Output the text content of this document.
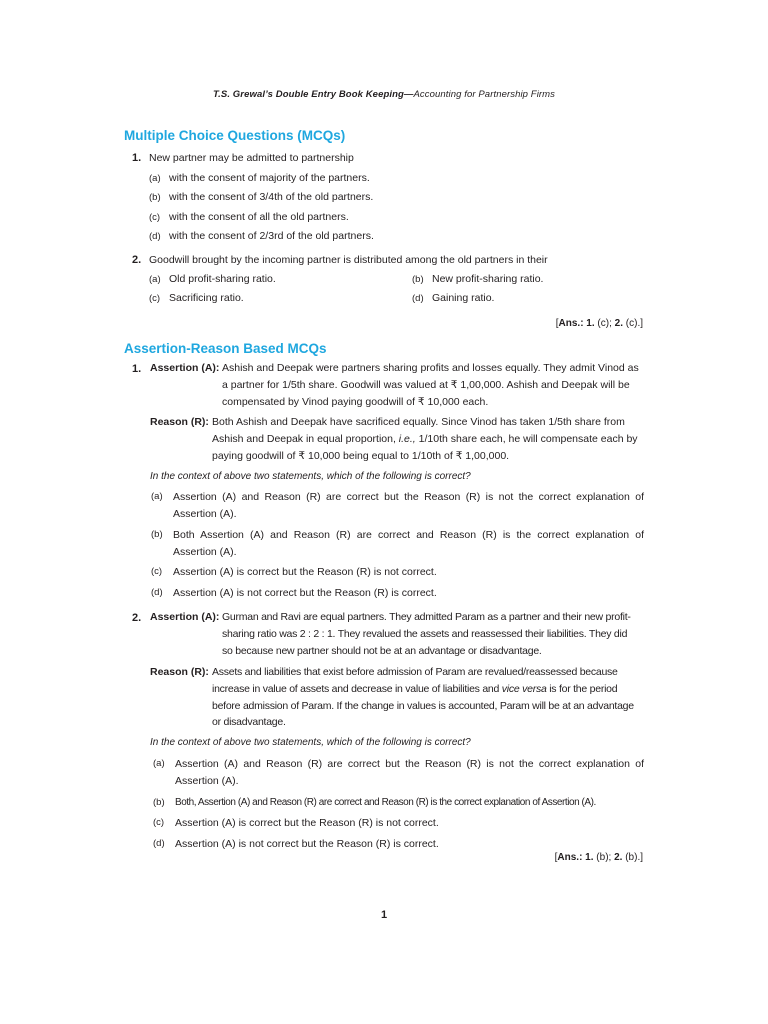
T.S. Grewal’s Double Entry Book Keeping—Accounting for Partnership Firms
Multiple Choice Questions (MCQs)
1. New partner may be admitted to partnership
(a) with the consent of majority of the partners.
(b) with the consent of 3/4th of the old partners.
(c) with the consent of all the old partners.
(d) with the consent of 2/3rd of the old partners.
2. Goodwill brought by the incoming partner is distributed among the old partners in their
(a) Old profit-sharing ratio.	(b) New profit-sharing ratio.
(c) Sacrificing ratio.	(d) Gaining ratio.
[Ans.: 1. (c); 2. (c).]
Assertion-Reason Based MCQs
1. Assertion (A): Ashish and Deepak were partners sharing profits and losses equally. They admit Vinod as
a partner for 1/5th share. Goodwill was valued at ₹ 1,00,000. Ashish and Deepak will be
compensated by Vinod paying goodwill of ₹ 10,000 each.
Reason (R): Both Ashish and Deepak have sacrificed equally. Since Vinod has taken 1/5th share from
Ashish and Deepak in equal proportion, i.e., 1/10th share each, he will compensate each by
paying goodwill of ₹ 10,000 being equal to 1/10th of ₹ 1,00,000.
In the context of above two statements, which of the following is correct?
(a) Assertion (A) and Reason (R) are correct but the Reason (R) is not the correct explanation of
Assertion (A).
(b) Both Assertion (A) and Reason (R) are correct and Reason (R) is the correct explanation of
Assertion (A).
(c) Assertion (A) is correct but the Reason (R) is not correct.
(d) Assertion (A) is not correct but the Reason (R) is correct.
2. Assertion (A): Gurman and Ravi are equal partners. They admitted Param as a partner and their new profit-
sharing ratio was 2 : 2 : 1. They revalued the assets and reassessed their liabilities. They did
so because new partner should not be at an advantage or disadvantage.
Reason (R): Assets and liabilities that exist before admission of Param are revalued/reassessed because
increase in value of assets and decrease in value of liabilities and vice versa is for the period
before admission of Param. If the change in values is accounted, Param will be at an advantage
or disadvantage.
In the context of above two statements, which of the following is correct?
(a) Assertion (A) and Reason (R) are correct but the Reason (R) is not the correct explanation of
Assertion (A).
(b) Both, Assertion (A) and Reason (R) are correct and Reason (R) is the correct explanation of Assertion (A).
(c) Assertion (A) is correct but the Reason (R) is not correct.
(d) Assertion (A) is not correct but the Reason (R) is correct.
[Ans.: 1. (b); 2. (b).]
1
